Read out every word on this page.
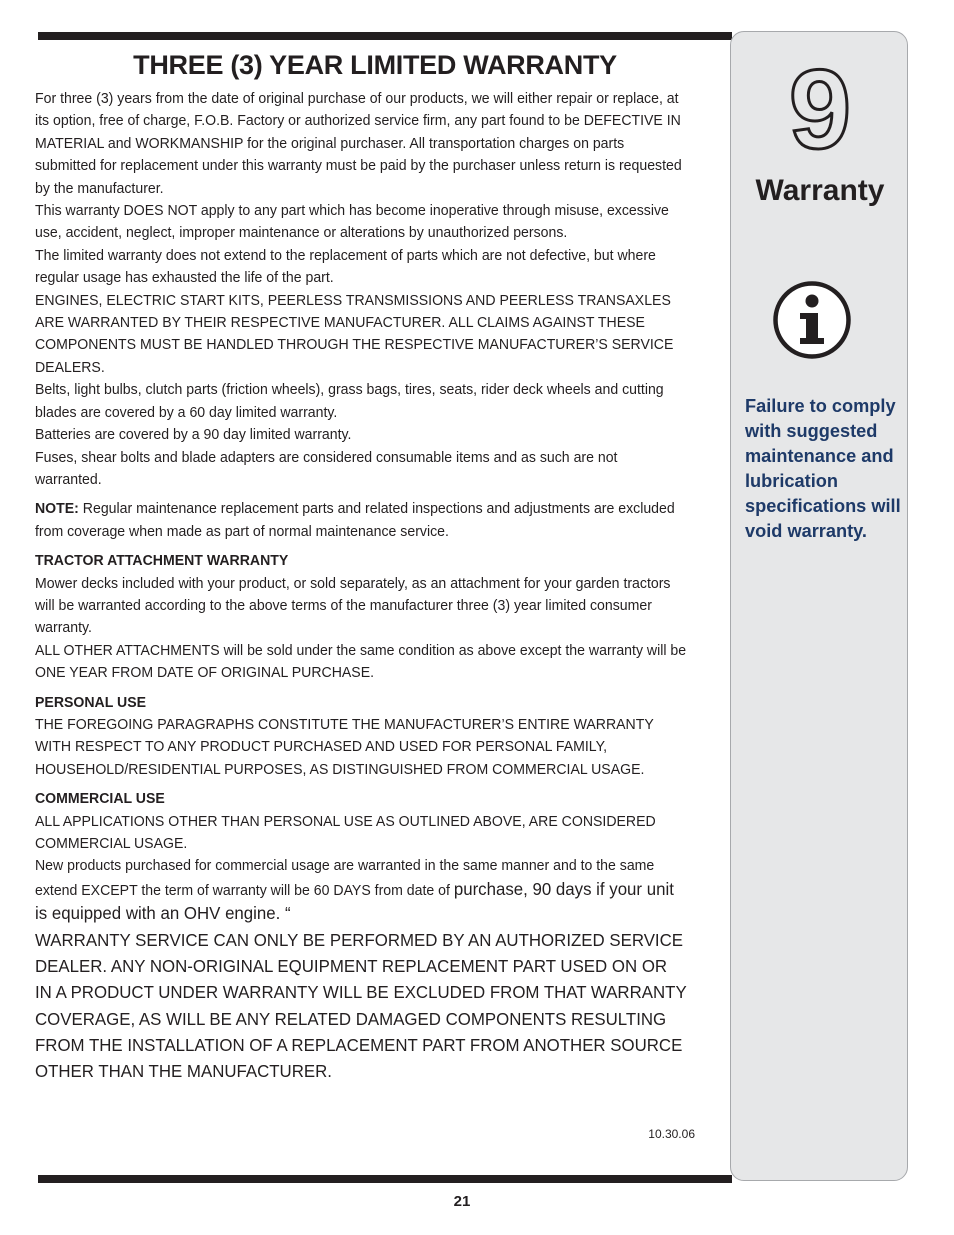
THREE (3) YEAR LIMITED WARRANTY

For three (3) years from the date of original purchase of our products, we will either repair or replace, at its option, free of charge, F.O.B. Factory or authorized service firm, any part found to be DEFECTIVE IN MATERIAL and WORKMANSHIP for the original purchaser. All transportation charges on parts submitted for replacement under this warranty must be paid by the purchaser unless return is requested by the manufacturer.

This warranty DOES NOT apply to any part which has become inoperative through misuse, excessive use, accident, neglect, improper maintenance or alterations by unauthorized persons.

The limited warranty does not extend to the replacement of parts which are not defective, but where regular usage has exhausted the life of the part.

ENGINES, ELECTRIC START KITS, PEERLESS TRANSMISSIONS AND PEERLESS TRANSAXLES ARE WARRANTED BY THEIR RESPECTIVE MANUFACTURER. ALL CLAIMS AGAINST THESE COMPONENTS MUST BE HANDLED THROUGH THE RESPECTIVE MANUFACTURER’S SERVICE DEALERS.

Belts, light bulbs, clutch parts (friction wheels), grass bags, tires, seats, rider deck wheels and cutting blades are covered by a 60 day limited warranty.

Batteries are covered by a 90 day limited warranty.

Fuses, shear bolts and blade adapters are considered consumable items and as such are not warranted.

NOTE: Regular maintenance replacement parts and related inspections and adjustments are excluded from coverage when made as part of normal maintenance service.

TRACTOR ATTACHMENT WARRANTY

Mower decks included with your product, or sold separately, as an attachment for your garden tractors will be warranted according to the above terms of the manufacturer three (3) year limited consumer warranty.

ALL OTHER ATTACHMENTS will be sold under the same condition as above except the warranty will be ONE YEAR FROM DATE OF ORIGINAL PURCHASE.

PERSONAL USE

THE FOREGOING PARAGRAPHS CONSTITUTE THE MANUFACTURER’S ENTIRE WARRANTY WITH RESPECT TO ANY PRODUCT PURCHASED AND USED FOR PERSONAL FAMILY, HOUSEHOLD/RESIDENTIAL PURPOSES, AS DISTINGUISHED FROM COMMERCIAL USAGE.

COMMERCIAL USE

ALL APPLICATIONS OTHER THAN PERSONAL USE AS OUTLINED ABOVE, ARE CONSIDERED COMMERCIAL USAGE.

New products purchased for commercial usage are warranted in the same manner and to the same extend EXCEPT the term of warranty will be 60 DAYS from date of purchase, 90 days if your unit is equipped with an OHV engine. “

WARRANTY SERVICE CAN ONLY BE PERFORMED BY AN AUTHORIZED SERVICE DEALER. ANY NON-ORIGINAL EQUIPMENT REPLACEMENT PART USED ON OR IN A PRODUCT UNDER WARRANTY WILL BE EXCLUDED FROM THAT WARRANTY COVERAGE, AS WILL BE ANY RELATED DAMAGED COMPONENTS RESULTING FROM THE INSTALLATION OF A REPLACEMENT PART FROM ANOTHER SOURCE OTHER THAN THE MANUFACTURER.

10.30.06
21
9
Warranty
Failure to comply with suggested maintenance and lubrication specifications will void warranty.
